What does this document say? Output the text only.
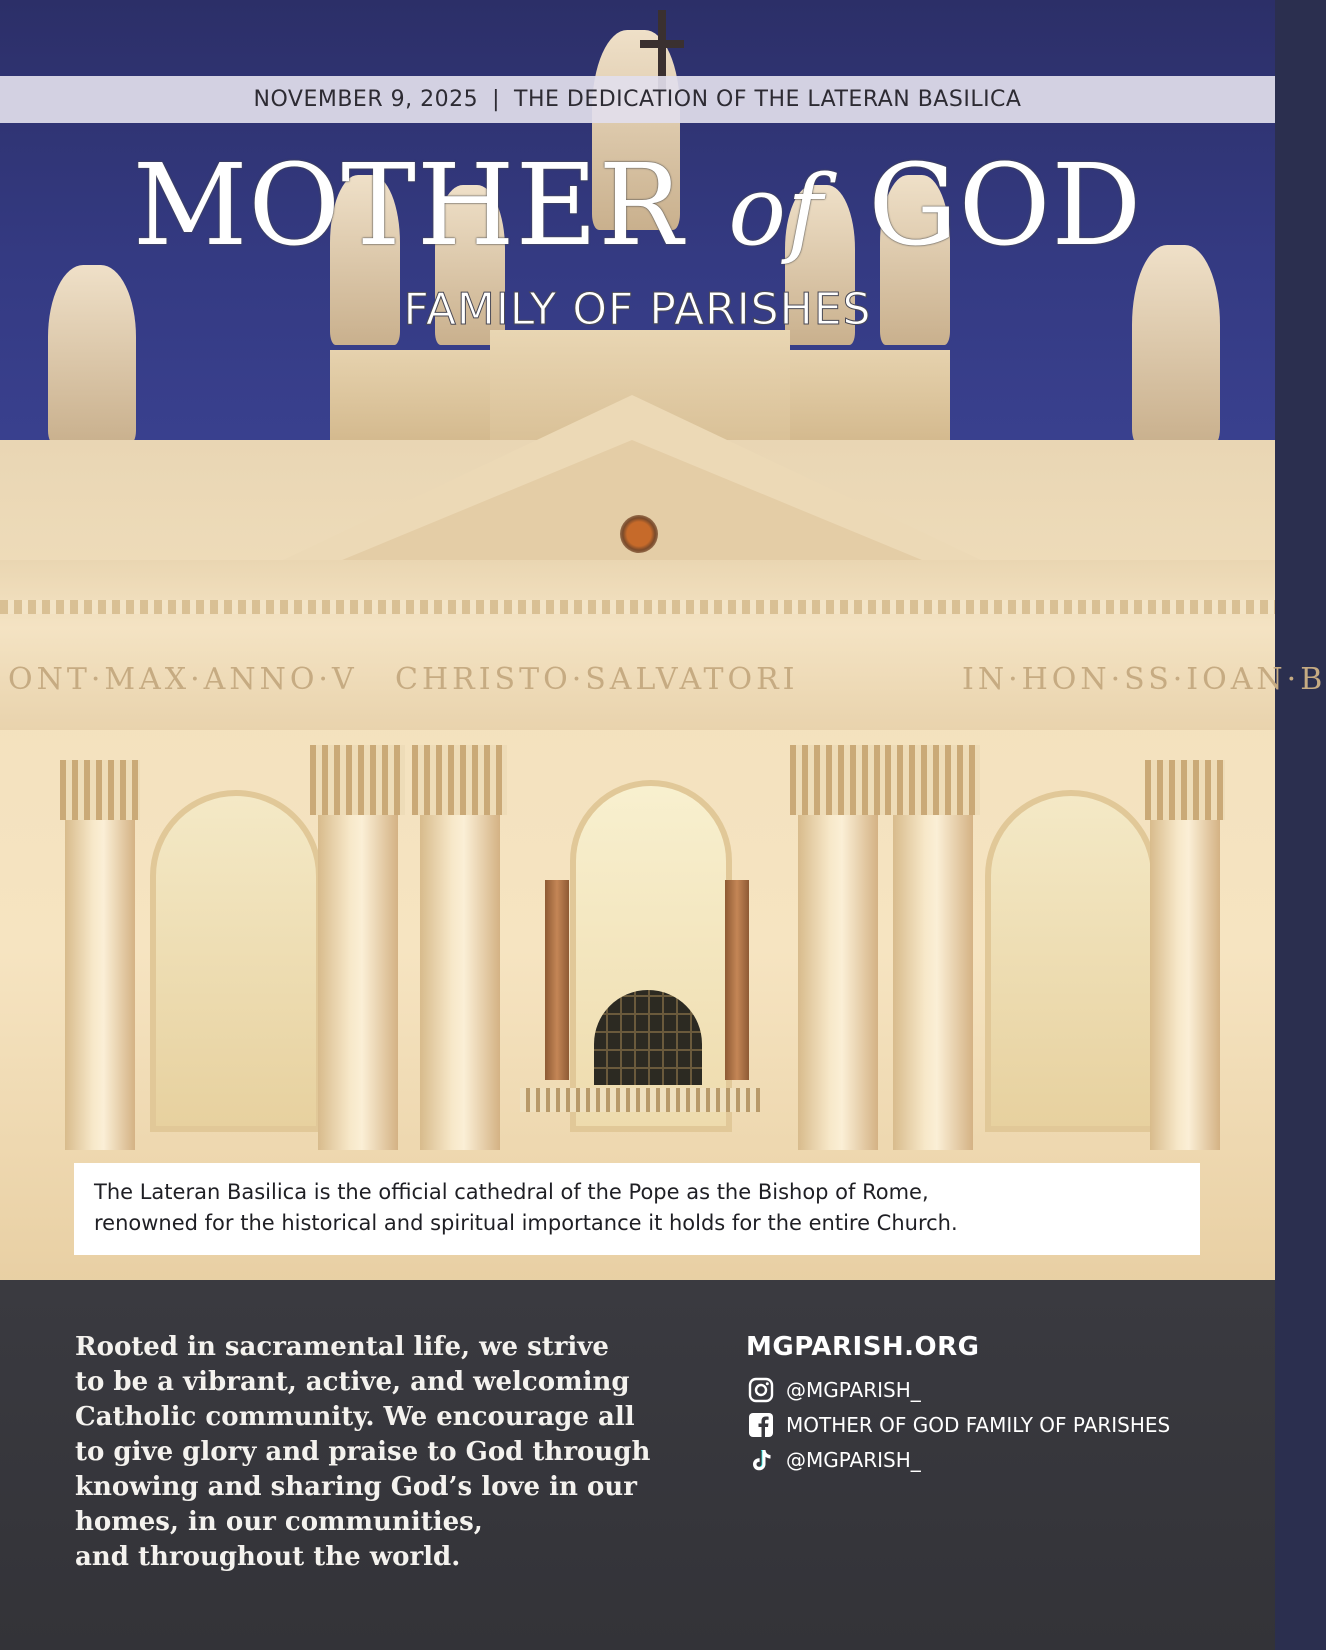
ONT·MAX·ANNO·V CHRISTO·SALVATORI	IN·HON·SS·IOAN·B
NOVEMBER 9, 2025 | THE DEDICATION OF THE LATERAN BASILICA
MOTHER of GOD
FAMILY OF PARISHES
The Lateran Basilica is the official cathedral of the Pope as the Bishop of Rome,
renowned for the historical and spiritual importance it holds for the entire Church.
Rooted in sacramental life, we strive
to be a vibrant, active, and welcoming
Catholic community. We encourage all
to give glory and praise to God through
knowing and sharing God’s love in our
homes, in our communities,
and throughout the world.
MGPARISH.ORG
@MGPARISH_
MOTHER OF GOD FAMILY OF PARISHES
@MGPARISH_
